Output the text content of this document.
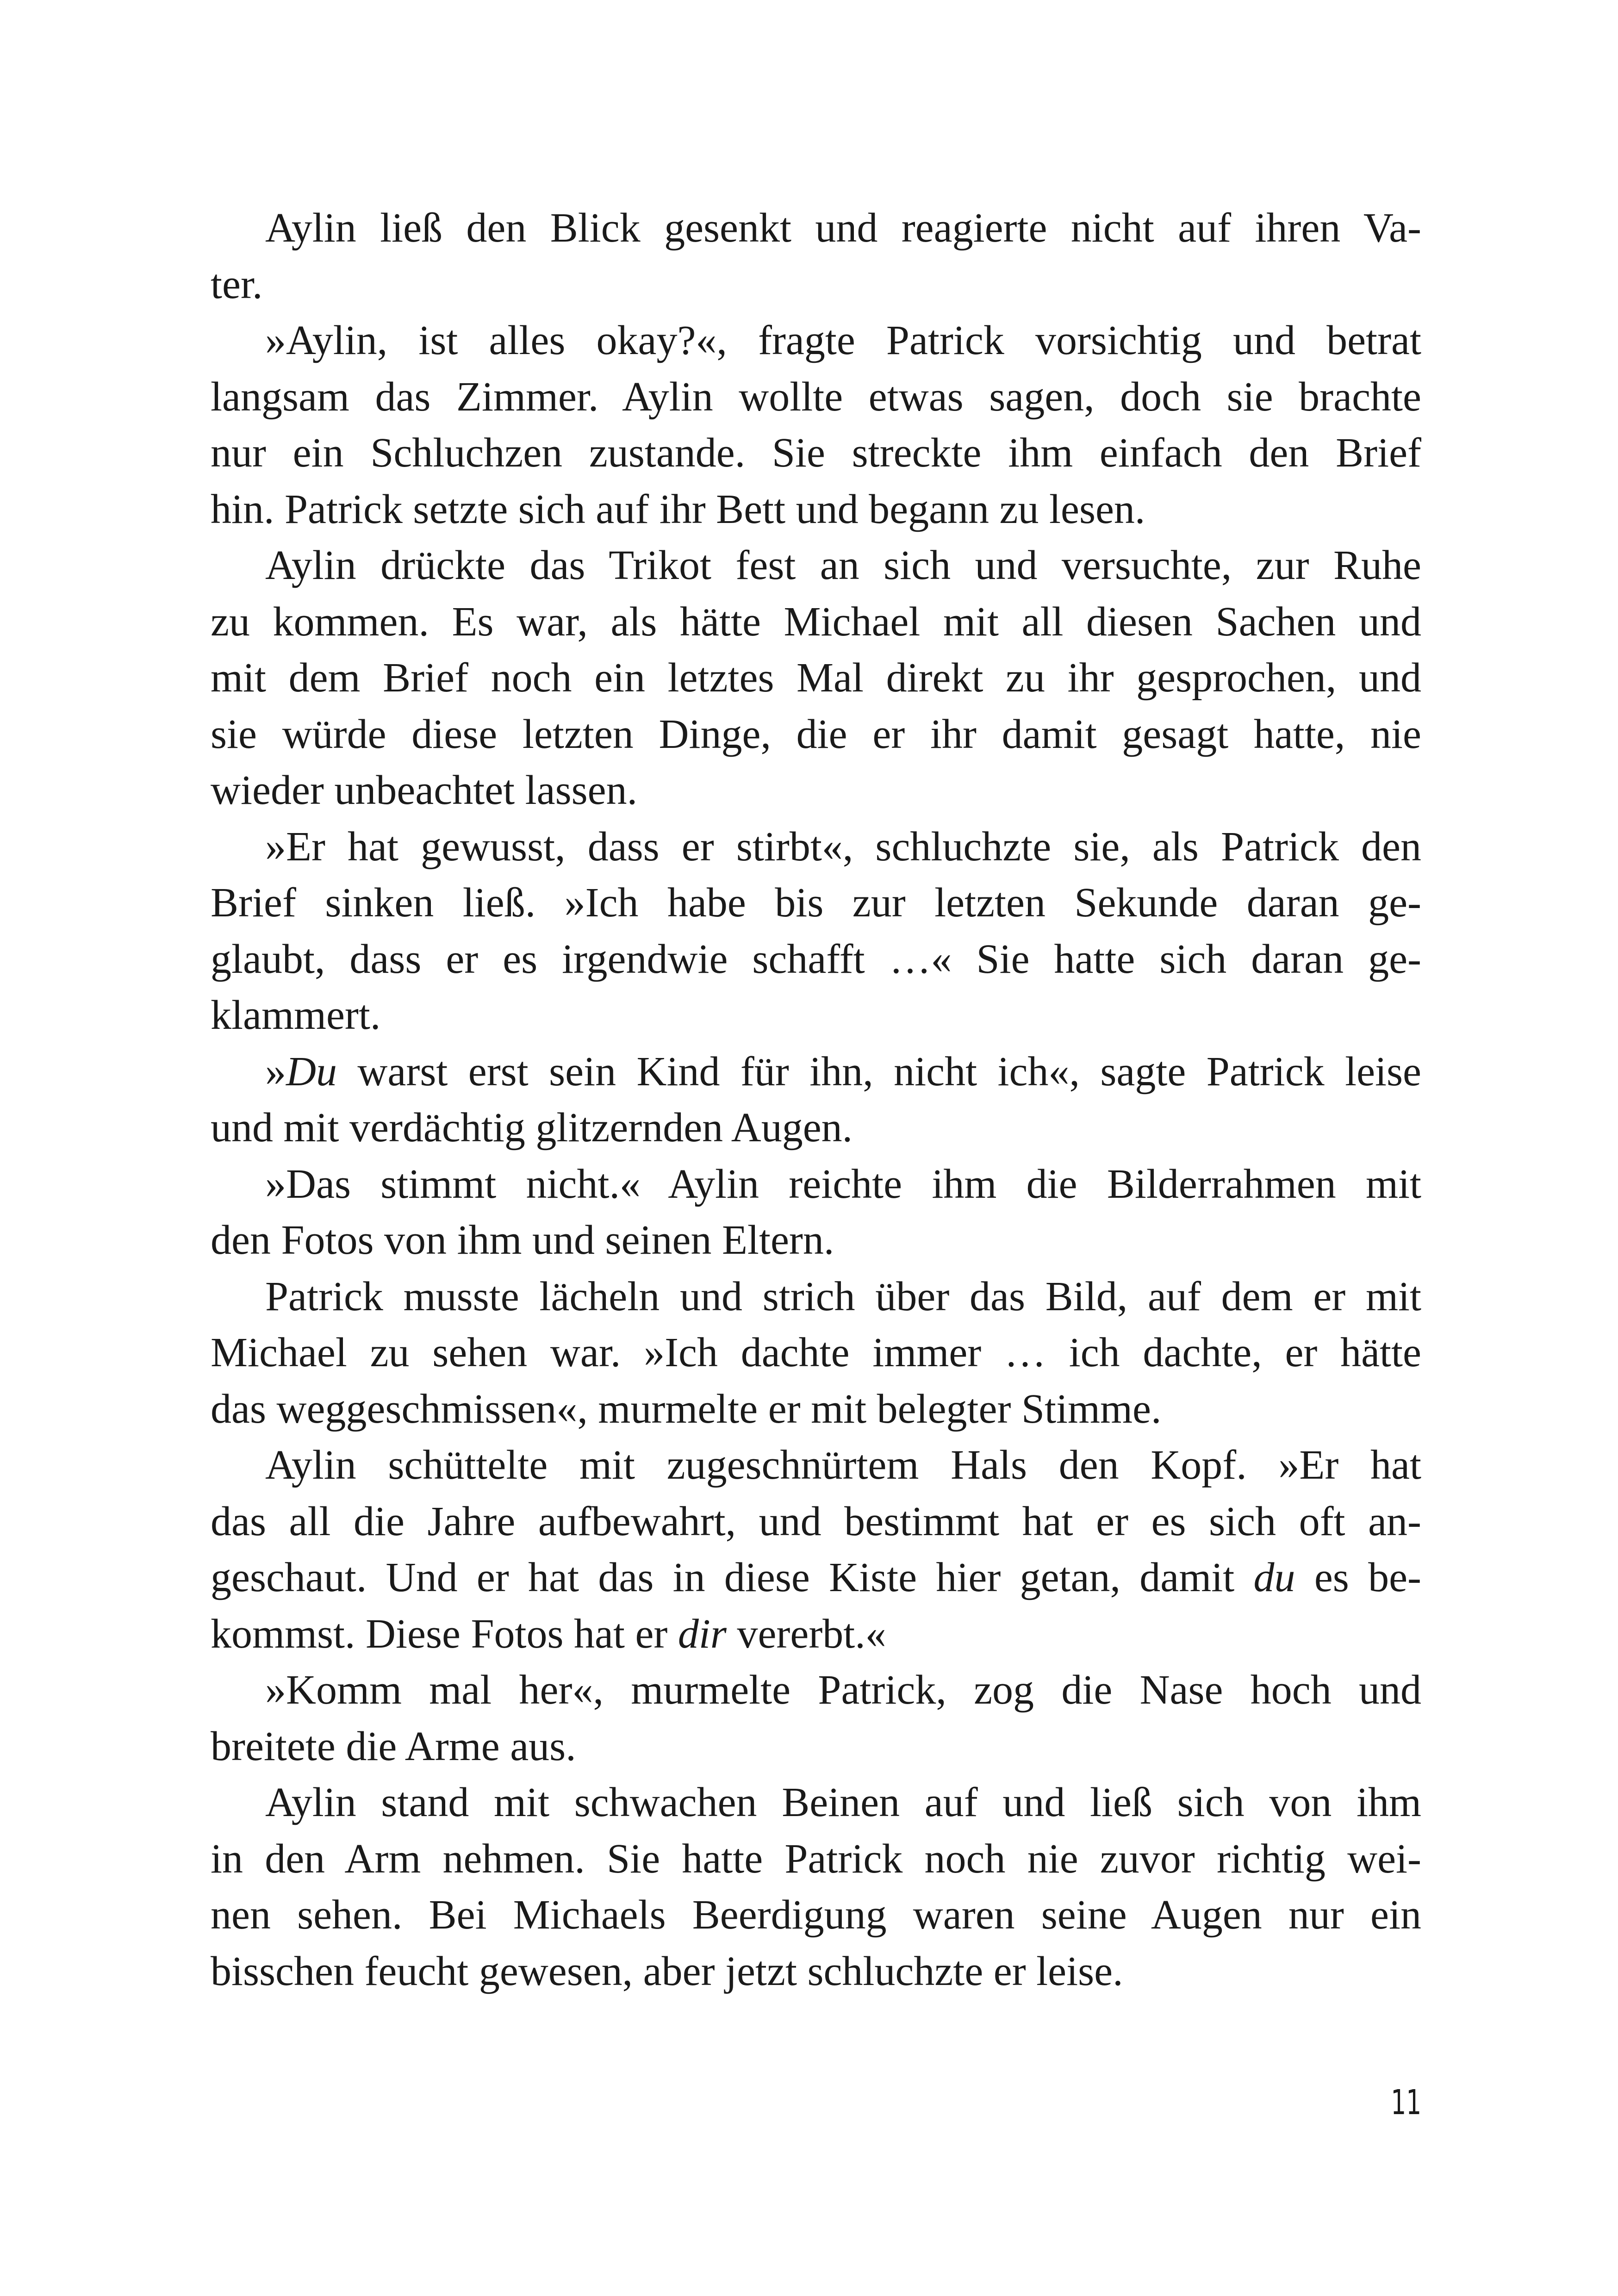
Aylin ließ den Blick gesenkt und reagierte nicht auf ihren Va-
ter.
»Aylin, ist alles okay?«, fragte Patrick vorsichtig und betrat
langsam das Zimmer. Aylin wollte etwas sagen, doch sie brachte
nur ein Schluchzen zustande. Sie streckte ihm einfach den Brief
hin. Patrick setzte sich auf ihr Bett und begann zu lesen.
Aylin drückte das Trikot fest an sich und versuchte, zur Ruhe
zu kommen. Es war, als hätte Michael mit all diesen Sachen und
mit dem Brief noch ein letztes Mal direkt zu ihr gesprochen, und
sie würde diese letzten Dinge, die er ihr damit gesagt hatte, nie
wieder unbeachtet lassen.
»Er hat gewusst, dass er stirbt«, schluchzte sie, als Patrick den
Brief sinken ließ. »Ich habe bis zur letzten Sekunde daran ge-
glaubt, dass er es irgendwie schafft …« Sie hatte sich daran ge-
klammert.
»Du warst erst sein Kind für ihn, nicht ich«, sagte Patrick leise
und mit verdächtig glitzernden Augen.
»Das stimmt nicht.« Aylin reichte ihm die Bilderrahmen mit
den Fotos von ihm und seinen Eltern.
Patrick musste lächeln und strich über das Bild, auf dem er mit
Michael zu sehen war. »Ich dachte immer … ich dachte, er hätte
das weggeschmissen«, murmelte er mit belegter Stimme.
Aylin schüttelte mit zugeschnürtem Hals den Kopf. »Er hat
das all die Jahre aufbewahrt, und bestimmt hat er es sich oft an-
geschaut. Und er hat das in diese Kiste hier getan, damit du es be-
kommst. Diese Fotos hat er dir vererbt.«
»Komm mal her«, murmelte Patrick, zog die Nase hoch und
breitete die Arme aus.
Aylin stand mit schwachen Beinen auf und ließ sich von ihm
in den Arm nehmen. Sie hatte Patrick noch nie zuvor richtig wei-
nen sehen. Bei Michaels Beerdigung waren seine Augen nur ein
bisschen feucht gewesen, aber jetzt schluchzte er leise.
11
